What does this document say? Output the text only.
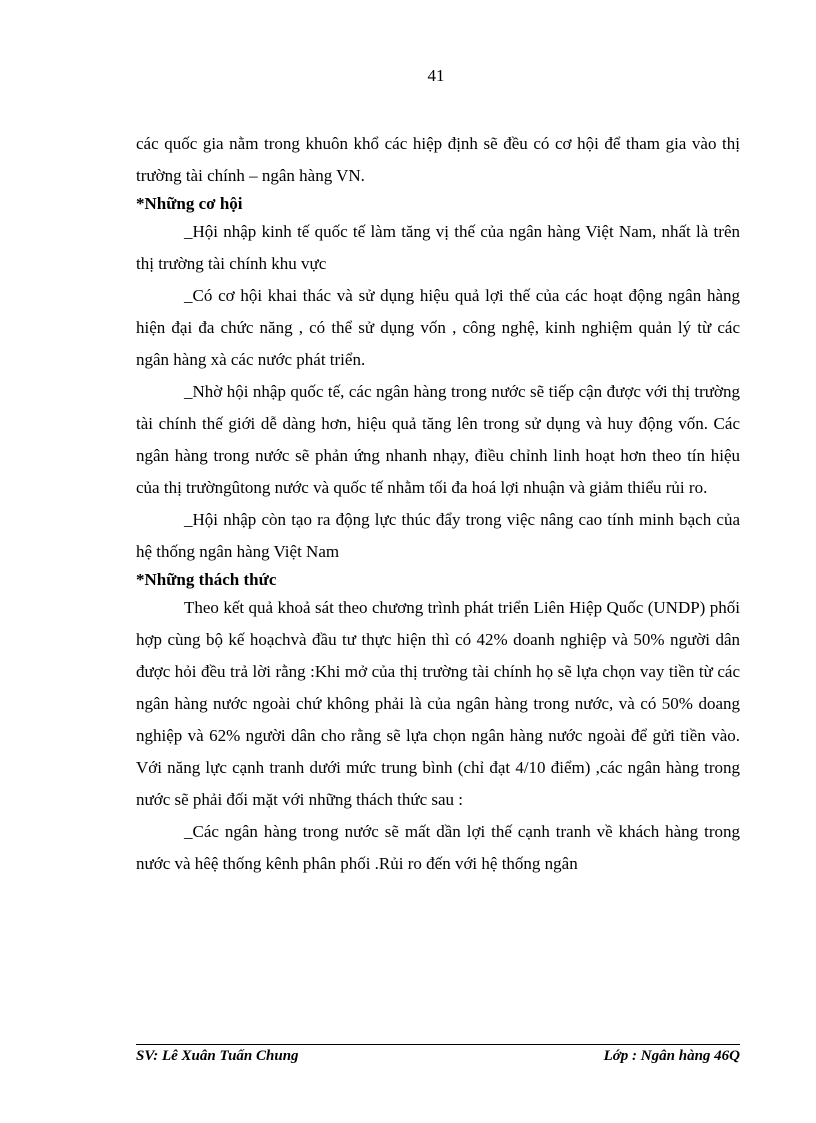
41

các quốc gia nằm trong khuôn khổ các hiệp định sẽ đều có cơ hội để tham gia vào thị trường tài chính – ngân hàng VN.

*Những cơ hội

_Hội nhập kinh tế quốc tế làm tăng vị thế của ngân hàng Việt Nam, nhất là trên thị trường tài chính khu vực

_Có cơ hội khai thác và sử dụng hiệu quả lợi thế của các hoạt động ngân hàng hiện đại đa chức năng , có thể sử dụng vốn , công nghệ, kinh nghiệm quản lý từ các ngân hàng xà các nước phát triển.

_Nhờ hội nhập quốc tế, các ngân hàng trong nước sẽ tiếp cận được với thị trường tài chính thế giới dễ dàng hơn, hiệu quả tăng lên trong sử dụng và huy động vốn. Các ngân hàng trong nước sẽ phản ứng nhanh nhạy, điều chỉnh linh hoạt hơn theo tín hiệu của thị trườngûtong nước và quốc tế nhằm tối đa hoá lợi nhuận và giảm thiểu rủi ro.

_Hội nhập còn tạo ra động lực thúc đẩy trong việc nâng cao tính minh bạch của hệ thống ngân hàng Việt Nam

*Những thách thức

Theo kết quả khoả sát theo chương trình phát triển Liên Hiệp Quốc (UNDP) phối hợp cùng bộ kế hoạchvà đầu tư thực hiện thì có 42% doanh nghiệp và 50% người dân được hỏi đều trả lời rằng :Khi mở của thị trường tài chính họ sẽ lựa chọn vay tiền từ các ngân hàng nước ngoài chứ không phải là của ngân hàng trong nước, và có 50% doang nghiệp và 62% người dân cho rằng sẽ lựa chọn ngân hàng nước ngoài để gửi tiền vào. Với năng lực cạnh tranh dưới mức trung bình (chỉ đạt 4/10 điểm) ,các ngân hàng trong nước sẽ phải đối mặt với những thách thức sau :

_Các ngân hàng trong nước sẽ mất dần lợi thế cạnh tranh về khách hàng trong nước và hêệ thống kênh phân phối .Rủi ro đến với hệ thống ngân

SV: Lê Xuân Tuấn Chung	Lớp : Ngân hàng 46Q
